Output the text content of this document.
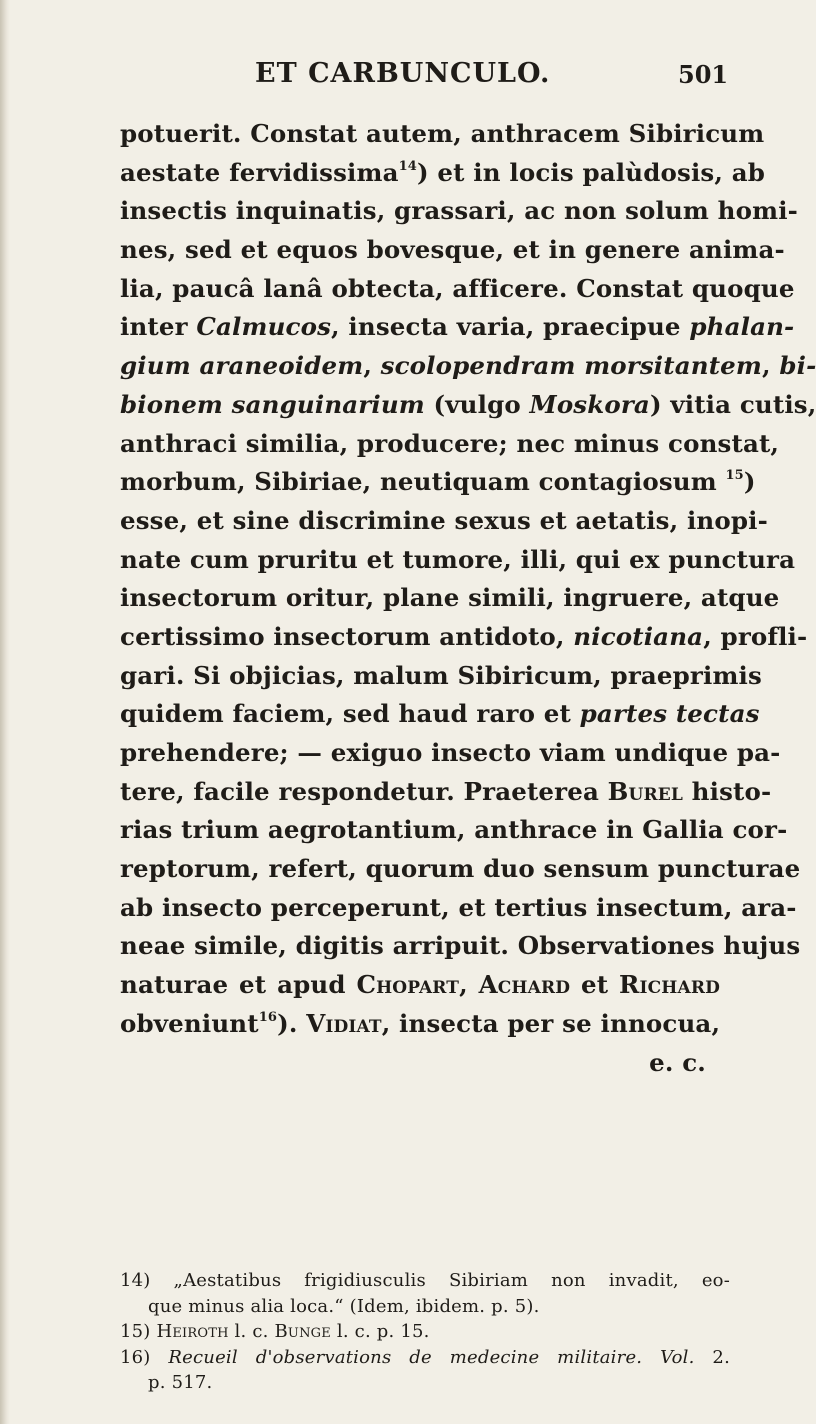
ET CARBUNCULO.	501
potuerit. Constat autem, anthracem Sibiricum
aestate fervidissima$^{14}$) et in locis palùdosis, ab
insectis inquinatis, grassari, ac non solum homi-
nes, sed et equos bovesque, et in genere anima-
lia, paucâ lanâ obtecta, afficere. Constat quoque
inter Calmucos, insecta varia, praecipue phalan-
gium araneoidem, scolopendram morsitantem, bi-
bionem sanguinarium (vulgo Moskora) vitia cutis,
anthraci similia, producere; nec minus constat,
morbum, Sibiriae, neutiquam contagiosum $^{15}$)
esse, et sine discrimine sexus et aetatis, inopi-
nate cum pruritu et tumore, illi, qui ex punctura
insectorum oritur, plane simili, ingruere, atque
certissimo insectorum antidoto, nicotiana, profli-
gari. Si objicias, malum Sibiricum, praeprimis
quidem faciem, sed haud raro et partes tectas
prehendere; — exiguo insecto viam undique pa-
tere, facile respondetur. Praeterea Burel histo-
rias trium aegrotantium, anthrace in Gallia cor-
reptorum, refert, quorum duo sensum puncturae
ab insecto perceperunt, et tertius insectum, ara-
neae simile, digitis arripuit. Observationes hujus
naturae et apud Chopart, Achard et Richard
obveniunt$^{16}$). Vidiat, insecta per se innocua,
e. c.
14) „Aestatibus frigidiusculis Sibiriam non invadit, eo-
que minus alia loca.“ (Idem, ibidem. p. 5).
15) Heiroth l. c. Bunge l. c. p. 15.
16) Recueil d'observations de medecine militaire. Vol. 2.
p. 517.
